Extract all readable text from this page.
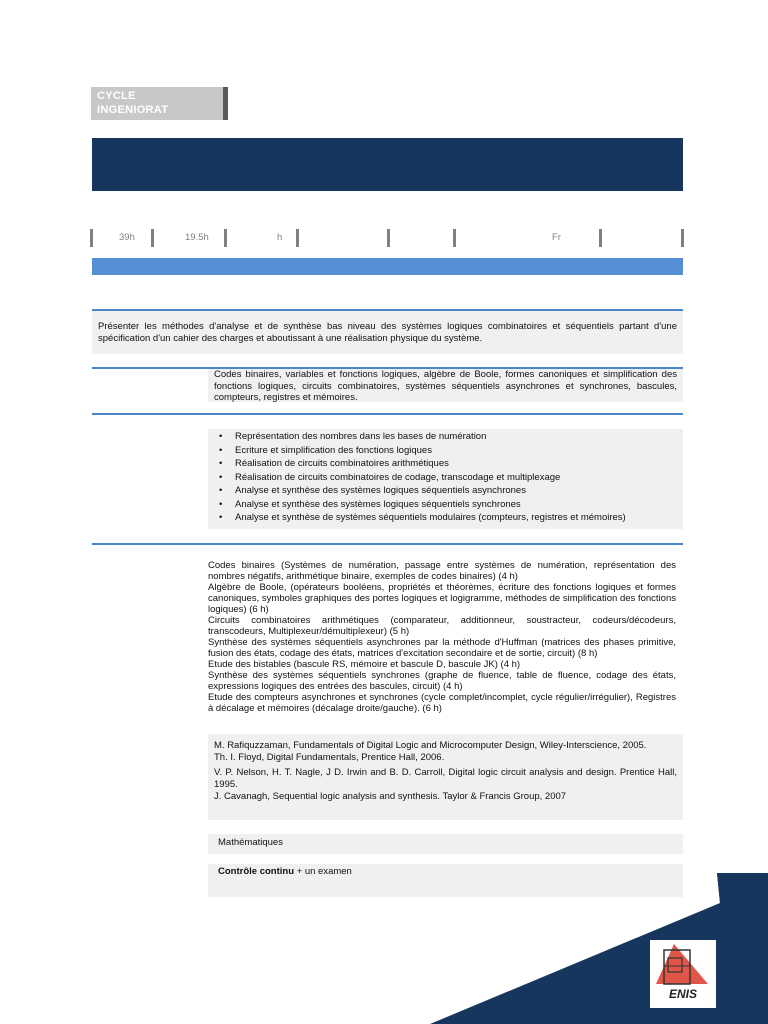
CYCLE
INGENIORAT
39h	19.5h	h	Fr
Présenter les méthodes d'analyse et de synthèse bas niveau des systèmes logiques combinatoires et séquentiels partant d'une spécification d'un cahier des charges et aboutissant à une réalisation physique du système.
Codes binaires, variables et fonctions logiques, algèbre de Boole, formes canoniques et simplification des fonctions logiques, circuits combinatoires, systèmes séquentiels asynchrones et synchrones, bascules, compteurs, registres et mémoires.
• Représentation des nombres dans les bases de numération
• Ecriture et simplification des fonctions logiques
• Réalisation de circuits combinatoires arithmétiques
• Réalisation de circuits combinatoires de codage, transcodage et multiplexage
• Analyse et synthèse des systèmes logiques séquentiels asynchrones
• Analyse et synthèse des systèmes logiques séquentiels synchrones
• Analyse et synthèse de systèmes séquentiels modulaires (compteurs, registres et mémoires)

Codes binaires (Systèmes de numération, passage entre systèmes de numération, représentation des nombres négatifs, arithmétique binaire, exemples de codes binaires) (4 h)

Algèbre de Boole, (opérateurs booléens, propriétés et théorèmes, écriture des fonctions logiques et formes canoniques, symboles graphiques des portes logiques et logigramme, méthodes de simplification des fonctions logiques) (6 h)

Circuits combinatoires arithmétiques (comparateur, additionneur, soustracteur, codeurs/décodeurs, transcodeurs, Multiplexeur/démultiplexeur) (5 h)

Synthèse des systèmes séquentiels asynchrones par la méthode d'Huffman (matrices des phases primitive, fusion des états, codage des états, matrices d'excitation secondaire et de sortie, circuit) (8 h)

Etude des bistables (bascule RS, mémoire et bascule D, bascule JK) (4 h)

Synthèse des systèmes séquentiels synchrones (graphe de fluence, table de fluence, codage des états, expressions logiques des entrées des bascules, circuit) (4 h)

Etude des compteurs asynchrones et synchrones (cycle complet/incomplet, cycle régulier/irrégulier), Registres à décalage et mémoires (décalage droite/gauche). (6 h)

M. Rafiquzzaman, Fundamentals of Digital Logic and Microcomputer Design, Wiley-Interscience, 2005.

Th. I. Floyd, Digital Fundamentals, Prentice Hall, 2006.

V. P. Nelson, H. T. Nagle, J D. Irwin and B. D. Carroll, Digital logic circuit analysis and design. Prentice Hall, 1995.

J. Cavanagh, Sequential logic analysis and synthesis. Taylor & Francis Group, 2007

Mathématiques
Contrôle continu + un examen
ENIS
